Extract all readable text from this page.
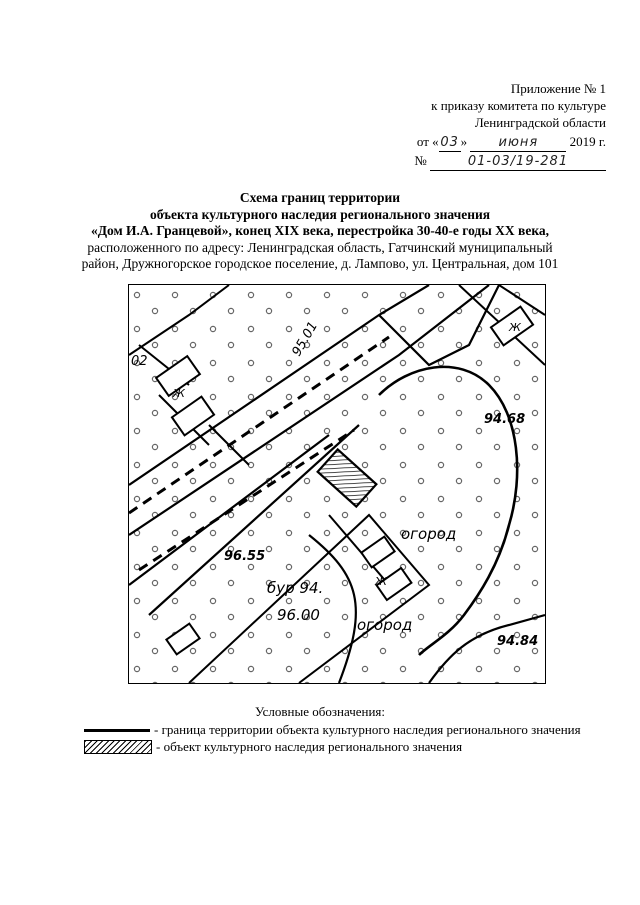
Приложение № 1
к приказу комитета по культуре
Ленинградской области
от « 03 » июня 2019 г.
№	01-03/19-281
Схема границ территории
объекта культурного наследия регионального значения
«Дом И.А. Гранцевой», конец XIX века, перестройка 30-40-е годы XX века,
расположенного по адресу: Ленинградская область, Гатчинский муниципальный
район, Дружногорское городское поселение, д. Лампово, ул. Центральная, дом 101
02
95.01
94.68
96.55
94.84
бур 94.
96.00
огород
огород
Ж
Ж
Ж
Условные обозначения:
- граница территории объекта культурного наследия регионального значения
- объект культурного наследия регионального значения
